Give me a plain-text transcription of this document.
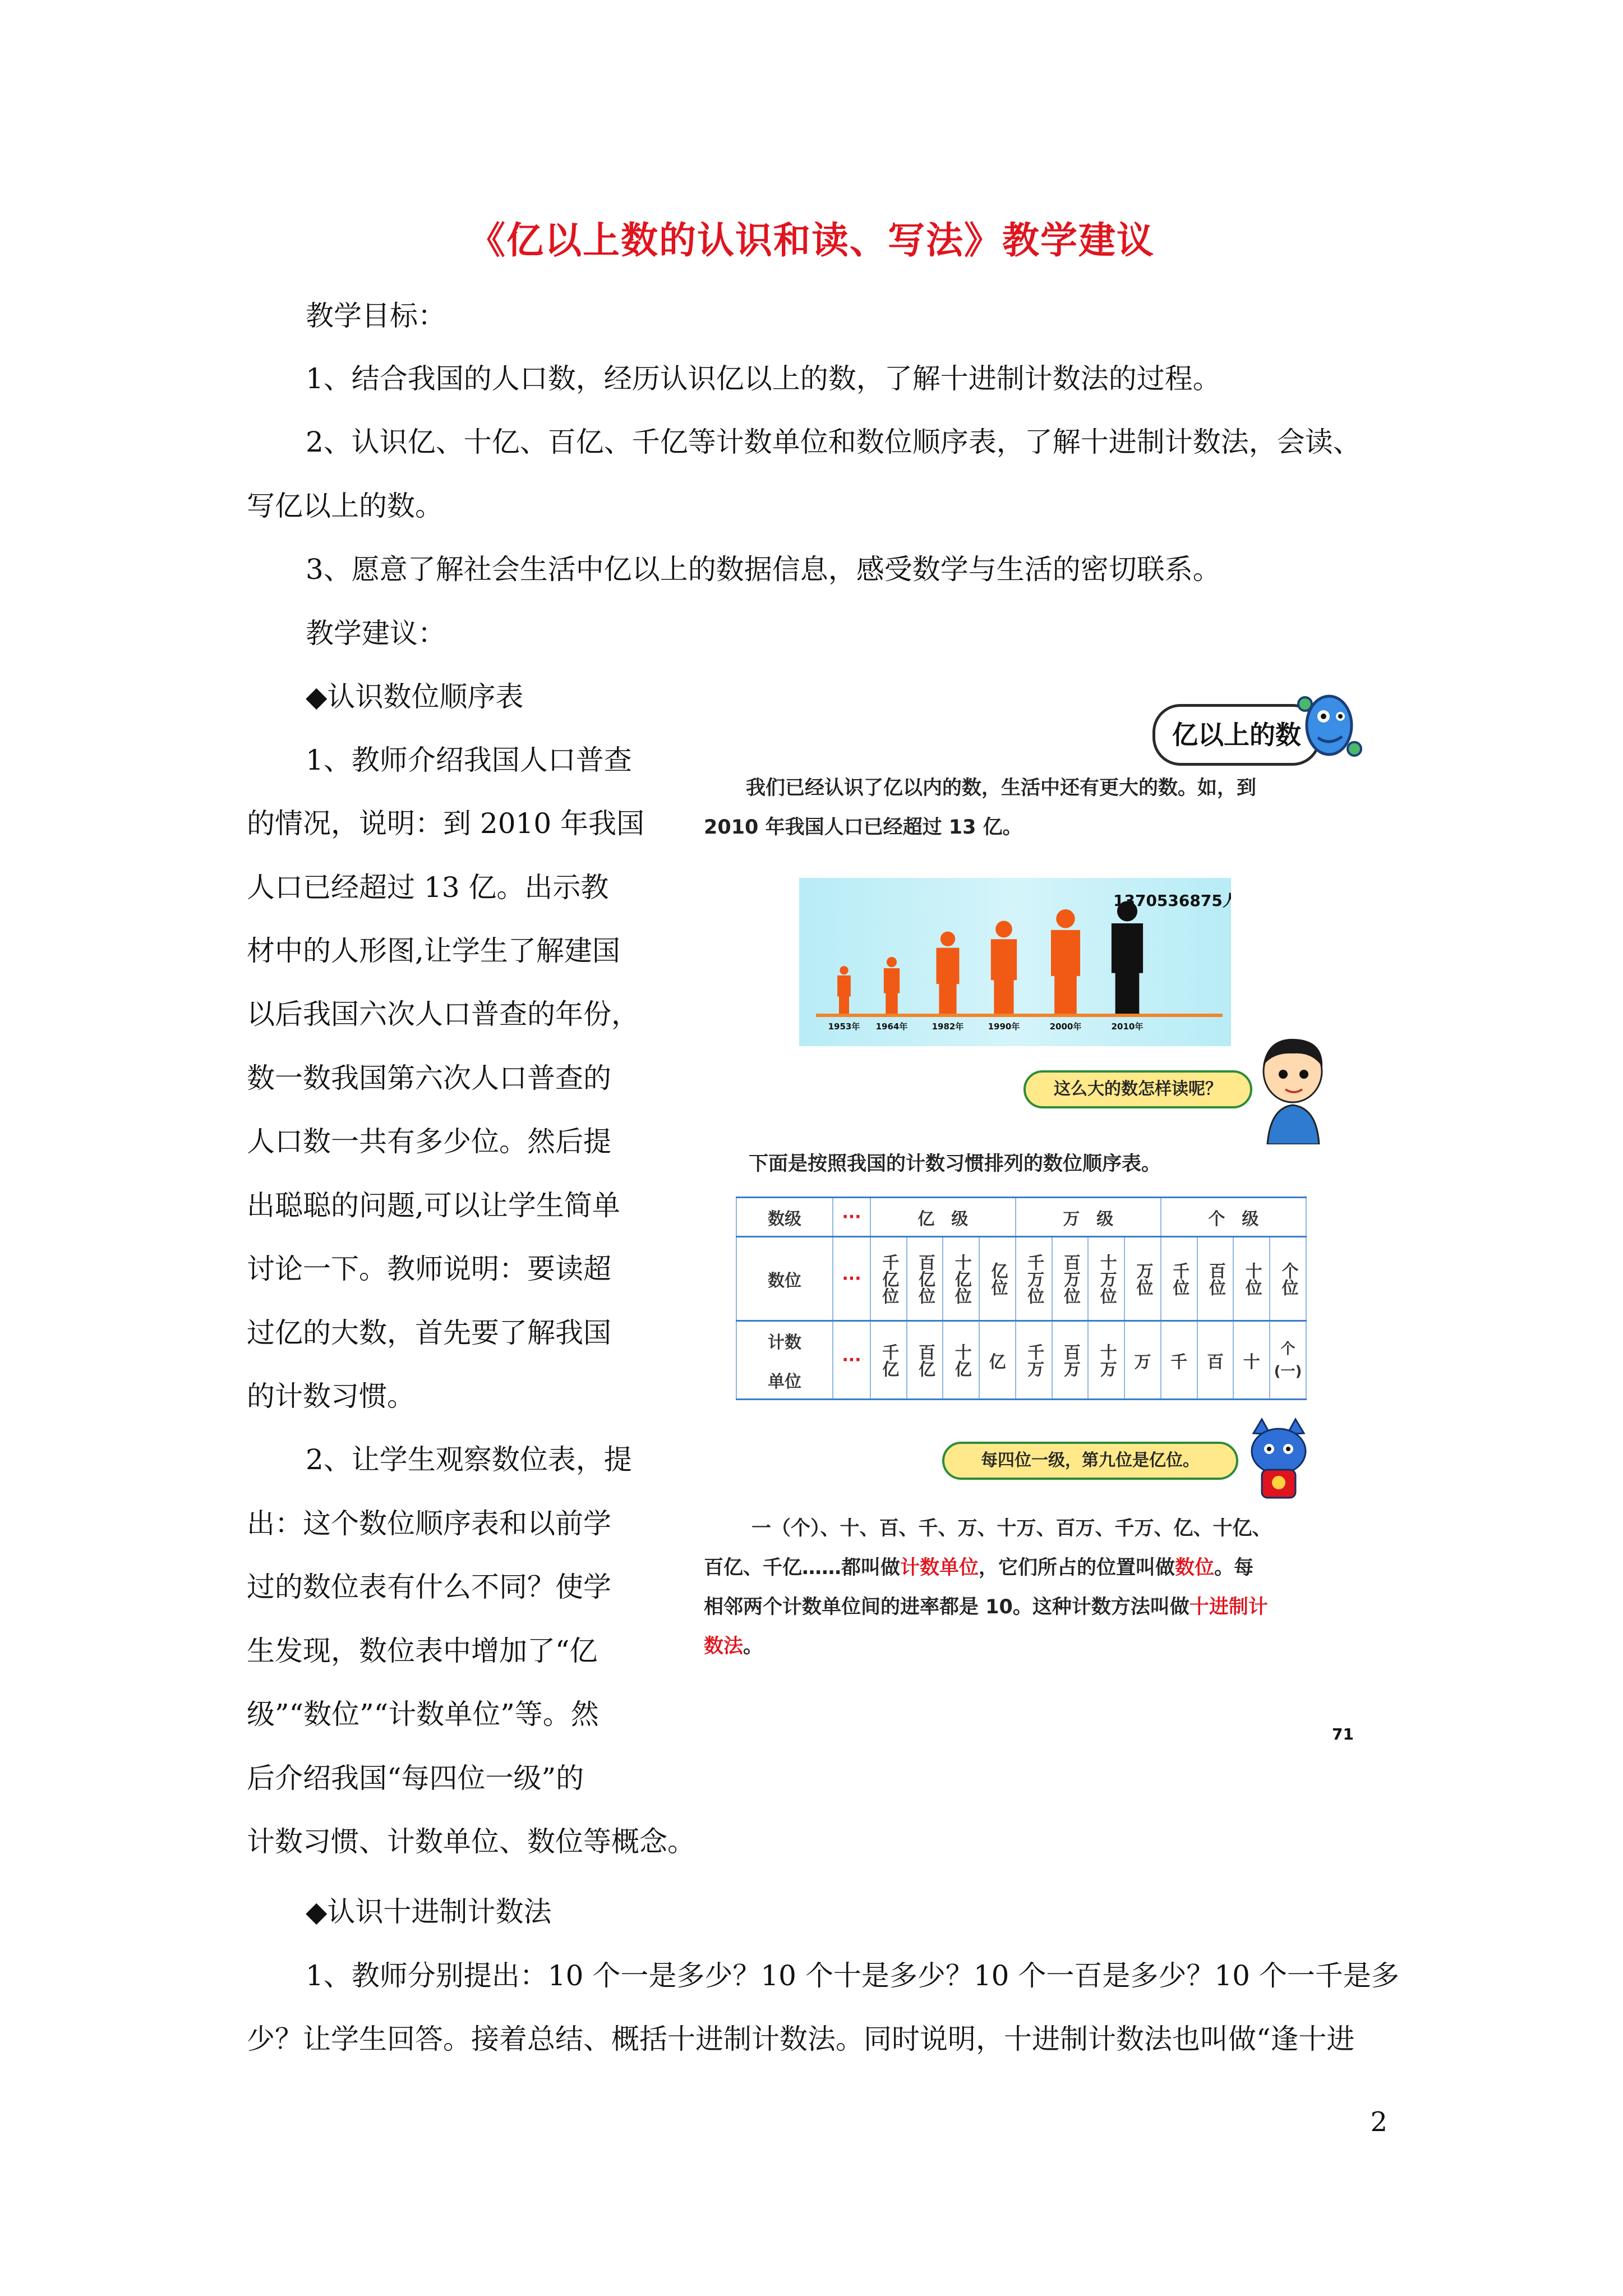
《亿以上数的认识和读、写法》教学建议
教学目标：
1、结合我国的人口数，经历认识亿以上的数，了解十进制计数法的过程。
2、认识亿、十亿、百亿、千亿等计数单位和数位顺序表，了解十进制计数法，会读、
写亿以上的数。
3、愿意了解社会生活中亿以上的数据信息，感受数学与生活的密切联系。
教学建议：
◆认识数位顺序表
1、教师介绍我国人口普查
的情况，说明：到 2010 年我国
人口已经超过 13 亿。出示教
材中的人形图,让学生了解建国
以后我国六次人口普查的年份，
数一数我国第六次人口普查的
人口数一共有多少位。然后提
出聪聪的问题,可以让学生简单
讨论一下。教师说明：要读超
过亿的大数，首先要了解我国
的计数习惯。
2、让学生观察数位表，提
出：这个数位顺序表和以前学
过的数位表有什么不同？使学
生发现，数位表中增加了“亿
级”“数位”“计数单位”等。然
后介绍我国“每四位一级”的
计数习惯、计数单位、数位等概念。
◆认识十进制计数法
1、教师分别提出：10 个一是多少？10 个十是多少？10 个一百是多少？10 个一千是多
少？让学生回答。接着总结、概括十进制计数法。同时说明，十进制计数法也叫做“逢十进
2
亿以上的数
我们已经认识了亿以内的数，生活中还有更大的数。如，到
2010 年我国人口已经超过 13 亿。
1953年 1964年	1982年	1990年	2000年	2010年
1370536875人
这么大的数怎样读呢？
下面是按照我国的计数习惯排列的数位顺序表。
数级	···	亿　级				万　级				个　级			
数位	···	千亿位	百亿位	十亿位	亿位	千万位	百万位	十万位	万位	千位	百位	十位	个位

计数
单位	···	千亿	百亿	十亿	亿	千万	百万	十万	万	千	百	十	个(一)
每四位一级，第九位是亿位。
一（个）、十、百、千、万、十万、百万、千万、亿、十亿、
百亿、千亿……都叫做计数单位，它们所占的位置叫做数位。每
相邻两个计数单位间的进率都是 10。这种计数方法叫做十进制计
数法。
71
